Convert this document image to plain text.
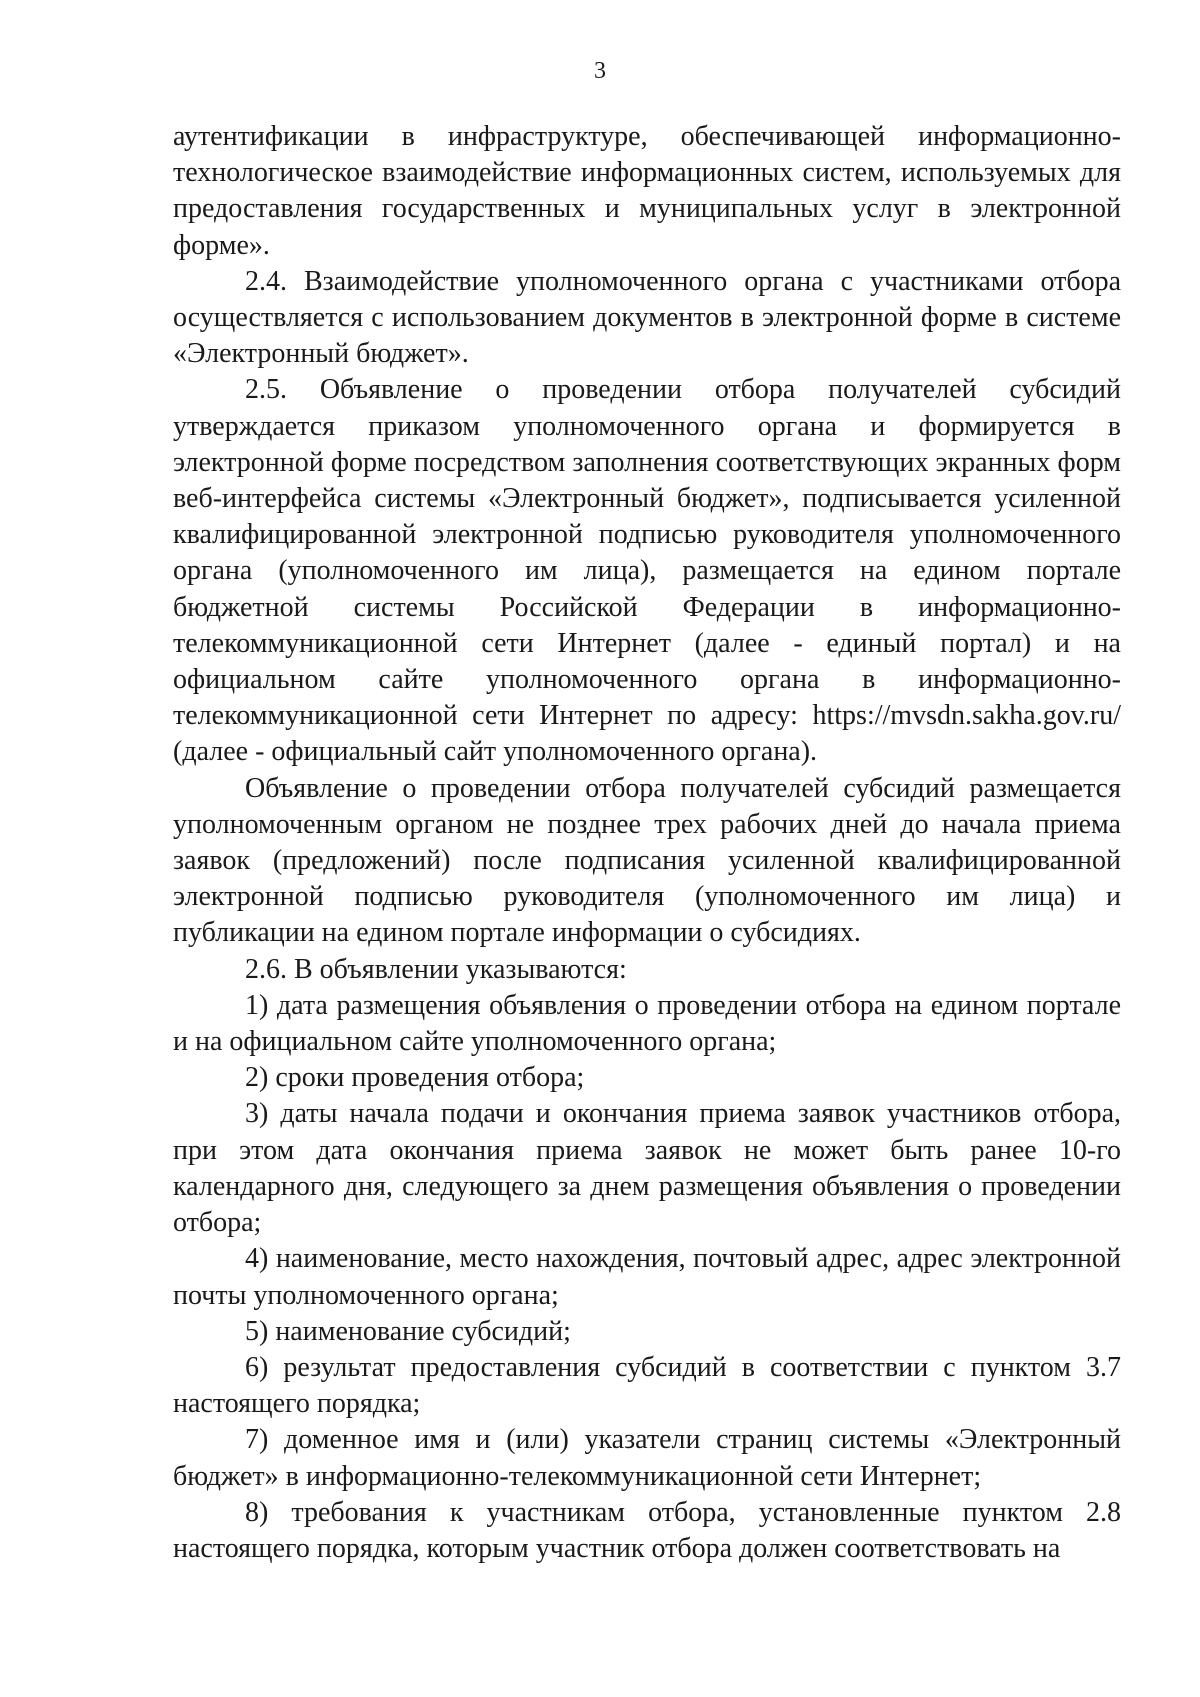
3

аутентификации в инфраструктуре, обеспечивающей информационно-технологическое взаимодействие информационных систем, используемых для предоставления государственных и муниципальных услуг в электронной форме».

2.4. Взаимодействие уполномоченного органа с участниками отбора осуществляется с использованием документов в электронной форме в системе «Электронный бюджет».

2.5. Объявление о проведении отбора получателей субсидий утверждается приказом уполномоченного органа и формируется в электронной форме посредством заполнения соответствующих экранных форм веб-интерфейса системы «Электронный бюджет», подписывается усиленной квалифицированной электронной подписью руководителя уполномоченного органа (уполномоченного им лица), размещается на едином портале бюджетной системы Российской Федерации в информационно-телекоммуникационной сети Интернет (далее - единый портал) и на официальном сайте уполномоченного органа в информационно-телекоммуникационной сети Интернет по адресу: https://mvsdn.sakha.gov.ru/ (далее - официальный сайт уполномоченного органа).

Объявление о проведении отбора получателей субсидий размещается уполномоченным органом не позднее трех рабочих дней до начала приема заявок (предложений) после подписания усиленной квалифицированной электронной подписью руководителя (уполномоченного им лица) и публикации на едином портале информации о субсидиях.

2.6. В объявлении указываются:

1) дата размещения объявления о проведении отбора на едином портале и на официальном сайте уполномоченного органа;

2) сроки проведения отбора;

3) даты начала подачи и окончания приема заявок участников отбора, при этом дата окончания приема заявок не может быть ранее 10-го календарного дня, следующего за днем размещения объявления о проведении отбора;

4) наименование, место нахождения, почтовый адрес, адрес электронной почты уполномоченного органа;

5) наименование субсидий;

6) результат предоставления субсидий в соответствии с пунктом 3.7 настоящего порядка;

7) доменное имя и (или) указатели страниц системы «Электронный бюджет» в информационно-телекоммуникационной сети Интернет;

8) требования к участникам отбора, установленные пунктом 2.8 настоящего порядка, которым участник отбора должен соответствовать на
